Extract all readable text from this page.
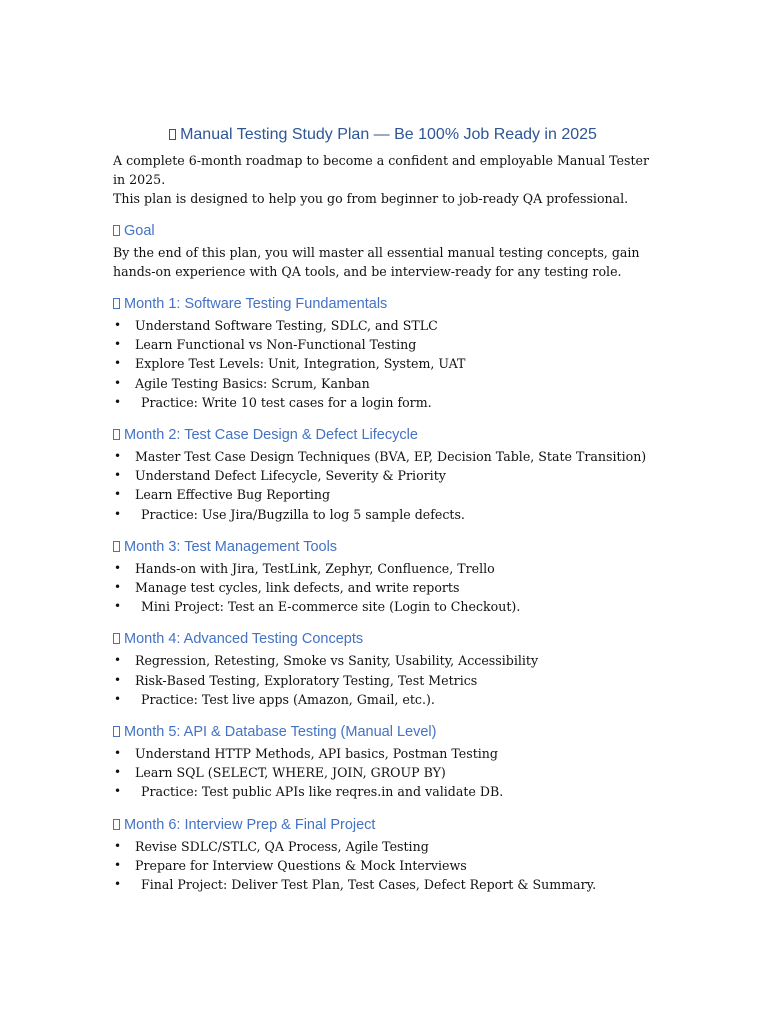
Manual Testing Study Plan — Be 100% Job Ready in 2025

A complete 6-month roadmap to become a confident and employable Manual Tester in 2025.

This plan is designed to help you go from beginner to job-ready QA professional.

Goal

By the end of this plan, you will master all essential manual testing concepts, gain hands-on experience with QA tools, and be interview-ready for any testing role.

Month 1: Software Testing Fundamentals
• Understand Software Testing, SDLC, and STLC
• Learn Functional vs Non-Functional Testing
• Explore Test Levels: Unit, Integration, System, UAT
• Agile Testing Basics: Scrum, Kanban
• Practice: Write 10 test cases for a login form.
Month 2: Test Case Design & Defect Lifecycle
• Master Test Case Design Techniques (BVA, EP, Decision Table, State Transition)
• Understand Defect Lifecycle, Severity & Priority
• Learn Effective Bug Reporting
• Practice: Use Jira/Bugzilla to log 5 sample defects.
Month 3: Test Management Tools
• Hands-on with Jira, TestLink, Zephyr, Confluence, Trello
• Manage test cycles, link defects, and write reports
• Mini Project: Test an E-commerce site (Login to Checkout).
Month 4: Advanced Testing Concepts
• Regression, Retesting, Smoke vs Sanity, Usability, Accessibility
• Risk-Based Testing, Exploratory Testing, Test Metrics
• Practice: Test live apps (Amazon, Gmail, etc.).
Month 5: API & Database Testing (Manual Level)
• Understand HTTP Methods, API basics, Postman Testing
• Learn SQL (SELECT, WHERE, JOIN, GROUP BY)
• Practice: Test public APIs like reqres.in and validate DB.
Month 6: Interview Prep & Final Project
• Revise SDLC/STLC, QA Process, Agile Testing
• Prepare for Interview Questions & Mock Interviews
• Final Project: Deliver Test Plan, Test Cases, Defect Report & Summary.
